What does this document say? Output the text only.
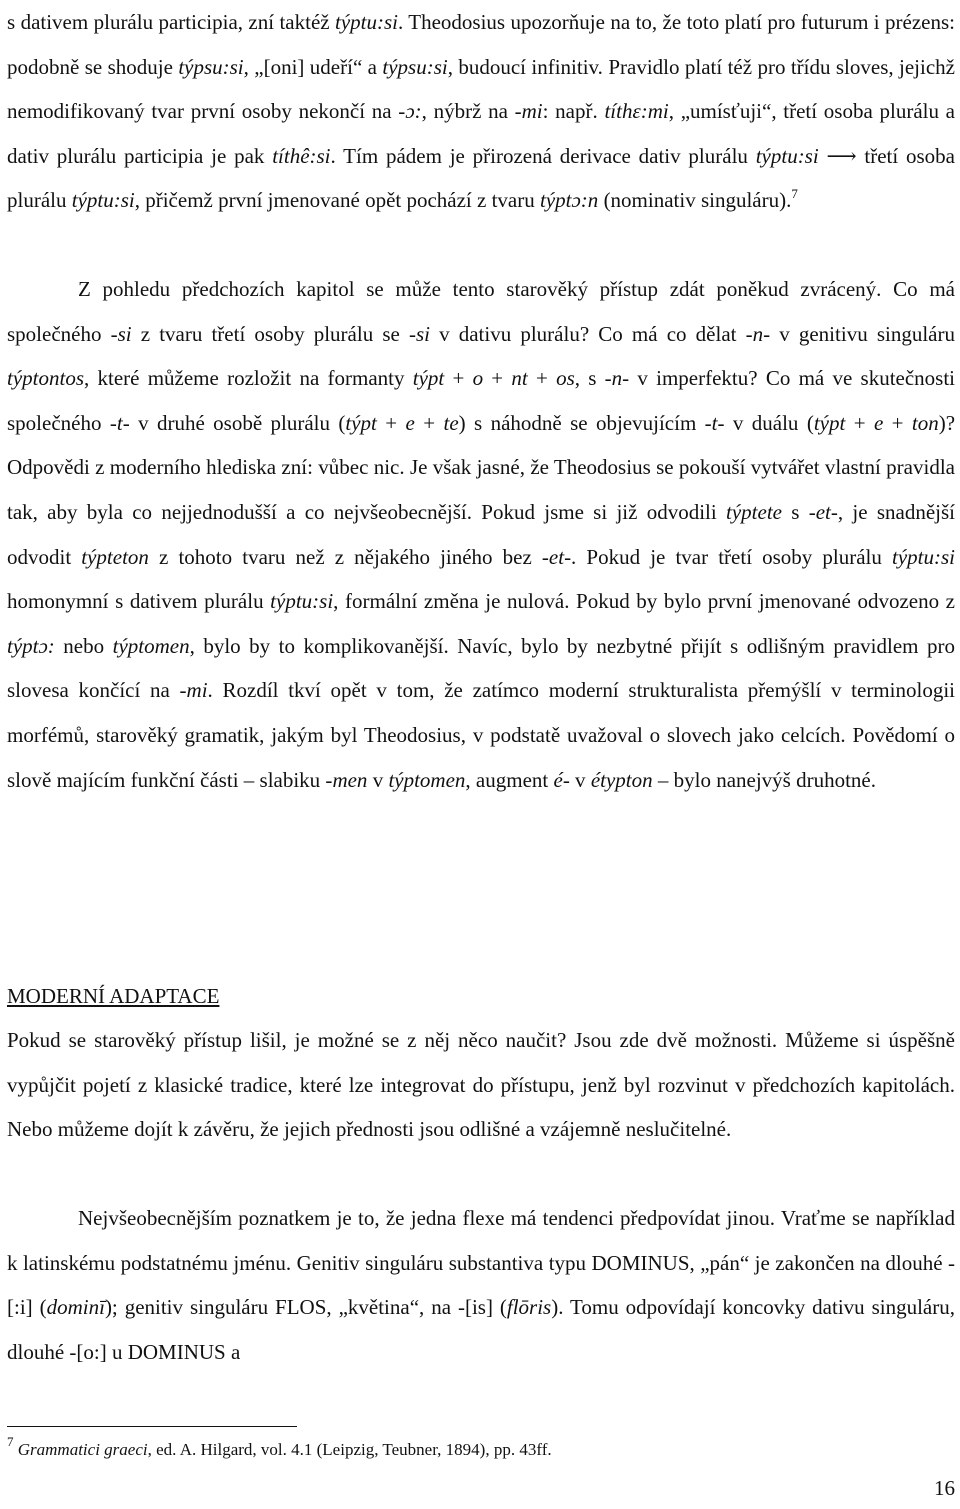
s dativem plurálu participia, zní taktéž týptu:si. Theodosius upozorňuje na to, že toto platí pro futurum i prézens: podobně se shoduje týpsu:si, „[oni] udeří“ a týpsu:si, budoucí infinitiv. Pravidlo platí též pro třídu sloves, jejichž nemodifikovaný tvar první osoby nekončí na -ɔ:, nýbrž na -mi: např. títhɛ:mi, „umísťuji“, třetí osoba plurálu a dativ plurálu participia je pak títhê:si. Tím pádem je přirozená derivace dativ plurálu týptu:si ⟶ třetí osoba plurálu týptu:si, přičemž první jmenované opět pochází z tvaru týptɔ:n (nominativ singuláru).$^7$

Z pohledu předchozích kapitol se může tento starověký přístup zdát poněkud zvrácený. Co má společného -si z tvaru třetí osoby plurálu se -si v dativu plurálu? Co má co dělat -n- v genitivu singuláru týptontos, které můžeme rozložit na formanty týpt + o + nt + os, s -n- v imperfektu? Co má ve skutečnosti společného -t- v druhé osobě plurálu (týpt + e + te) s náhodně se objevujícím -t- v duálu (týpt + e + ton)? Odpovědi z moderního hlediska zní: vůbec nic. Je však jasné, že Theodosius se pokouší vytvářet vlastní pravidla tak, aby byla co nejjednodušší a co nejvšeobecnější. Pokud jsme si již odvodili týptete s -et-, je snadnější odvodit týpteton z tohoto tvaru než z nějakého jiného bez -et-. Pokud je tvar třetí osoby plurálu týptu:si homonymní s dativem plurálu týptu:si, formální změna je nulová. Pokud by bylo první jmenované odvozeno z týptɔ: nebo týptomen, bylo by to komplikovanější. Navíc, bylo by nezbytné přijít s odlišným pravidlem pro slovesa končící na -mi. Rozdíl tkví opět v tom, že zatímco moderní strukturalista přemýšlí v terminologii morfémů, starověký gramatik, jakým byl Theodosius, v podstatě uvažoval o slovech jako celcích. Povědomí o slově majícím funkční části – slabiku -men v týptomen, augment é- v étypton – bylo nanejvýš druhotné.

MODERNÍ ADAPTACE

Pokud se starověký přístup lišil, je možné se z něj něco naučit? Jsou zde dvě možnosti. Můžeme si úspěšně vypůjčit pojetí z klasické tradice, které lze integrovat do přístupu, jenž byl rozvinut v předchozích kapitolách. Nebo můžeme dojít k závěru, že jejich přednosti jsou odlišné a vzájemně neslučitelné.

Nejvšeobecnějším poznatkem je to, že jedna flexe má tendenci předpovídat jinou. Vraťme se například k latinskému podstatnému jménu. Genitiv singuláru substantiva typu DOMINUS, „pán“ je zakončen na dlouhé -[:i] (dominī); genitiv singuláru FLOS, „květina“, na -[is] (flōris). Tomu odpovídají koncovky dativu singuláru, dlouhé -[o:] u DOMINUS a

$^7$ Grammatici graeci, ed. A. Hilgard, vol. 4.1 (Leipzig, Teubner, 1894), pp. 43ff.

16
